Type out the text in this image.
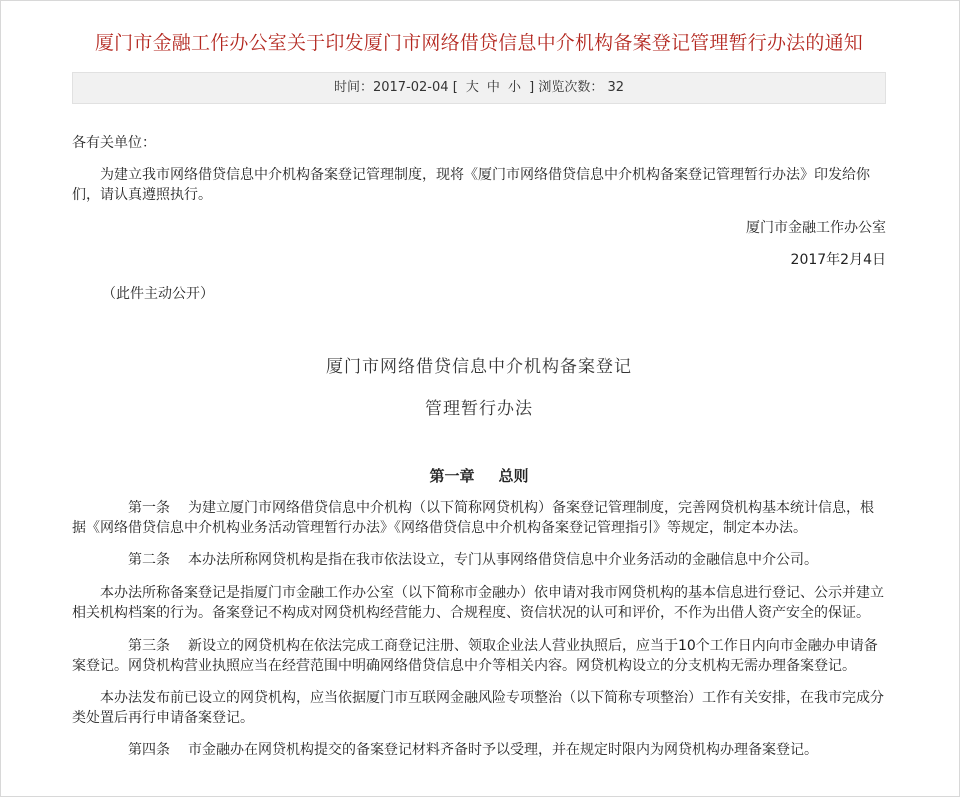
厦门市金融工作办公室关于印发厦门市网络借贷信息中介机构备案登记管理暂行办法的通知
时间：2017-02-04 [ 大 中 小 ] 浏览次数： 32
各有关单位：
为建立我市网络借贷信息中介机构备案登记管理制度，现将《厦门市网络借贷信息中介机构备案登记管理暂行办法》印发给你们，请认真遵照执行。
厦门市金融工作办公室
2017年2月4日
（此件主动公开）
厦门市网络借贷信息中介机构备案登记
管理暂行办法
第一章 总则
第一条 为建立厦门市网络借贷信息中介机构（以下简称网贷机构）备案登记管理制度，完善网贷机构基本统计信息，根据《网络借贷信息中介机构业务活动管理暂行办法》《网络借贷信息中介机构备案登记管理指引》等规定，制定本办法。
第二条 本办法所称网贷机构是指在我市依法设立，专门从事网络借贷信息中介业务活动的金融信息中介公司。
本办法所称备案登记是指厦门市金融工作办公室（以下简称市金融办）依申请对我市网贷机构的基本信息进行登记、公示并建立相关机构档案的行为。备案登记不构成对网贷机构经营能力、合规程度、资信状况的认可和评价，不作为出借人资产安全的保证。
第三条 新设立的网贷机构在依法完成工商登记注册、领取企业法人营业执照后，应当于10个工作日内向市金融办申请备案登记。网贷机构营业执照应当在经营范围中明确网络借贷信息中介等相关内容。网贷机构设立的分支机构无需办理备案登记。
本办法发布前已设立的网贷机构，应当依据厦门市互联网金融风险专项整治（以下简称专项整治）工作有关安排，在我市完成分类处置后再行申请备案登记。
第四条 市金融办在网贷机构提交的备案登记材料齐备时予以受理，并在规定时限内为网贷机构办理备案登记。
